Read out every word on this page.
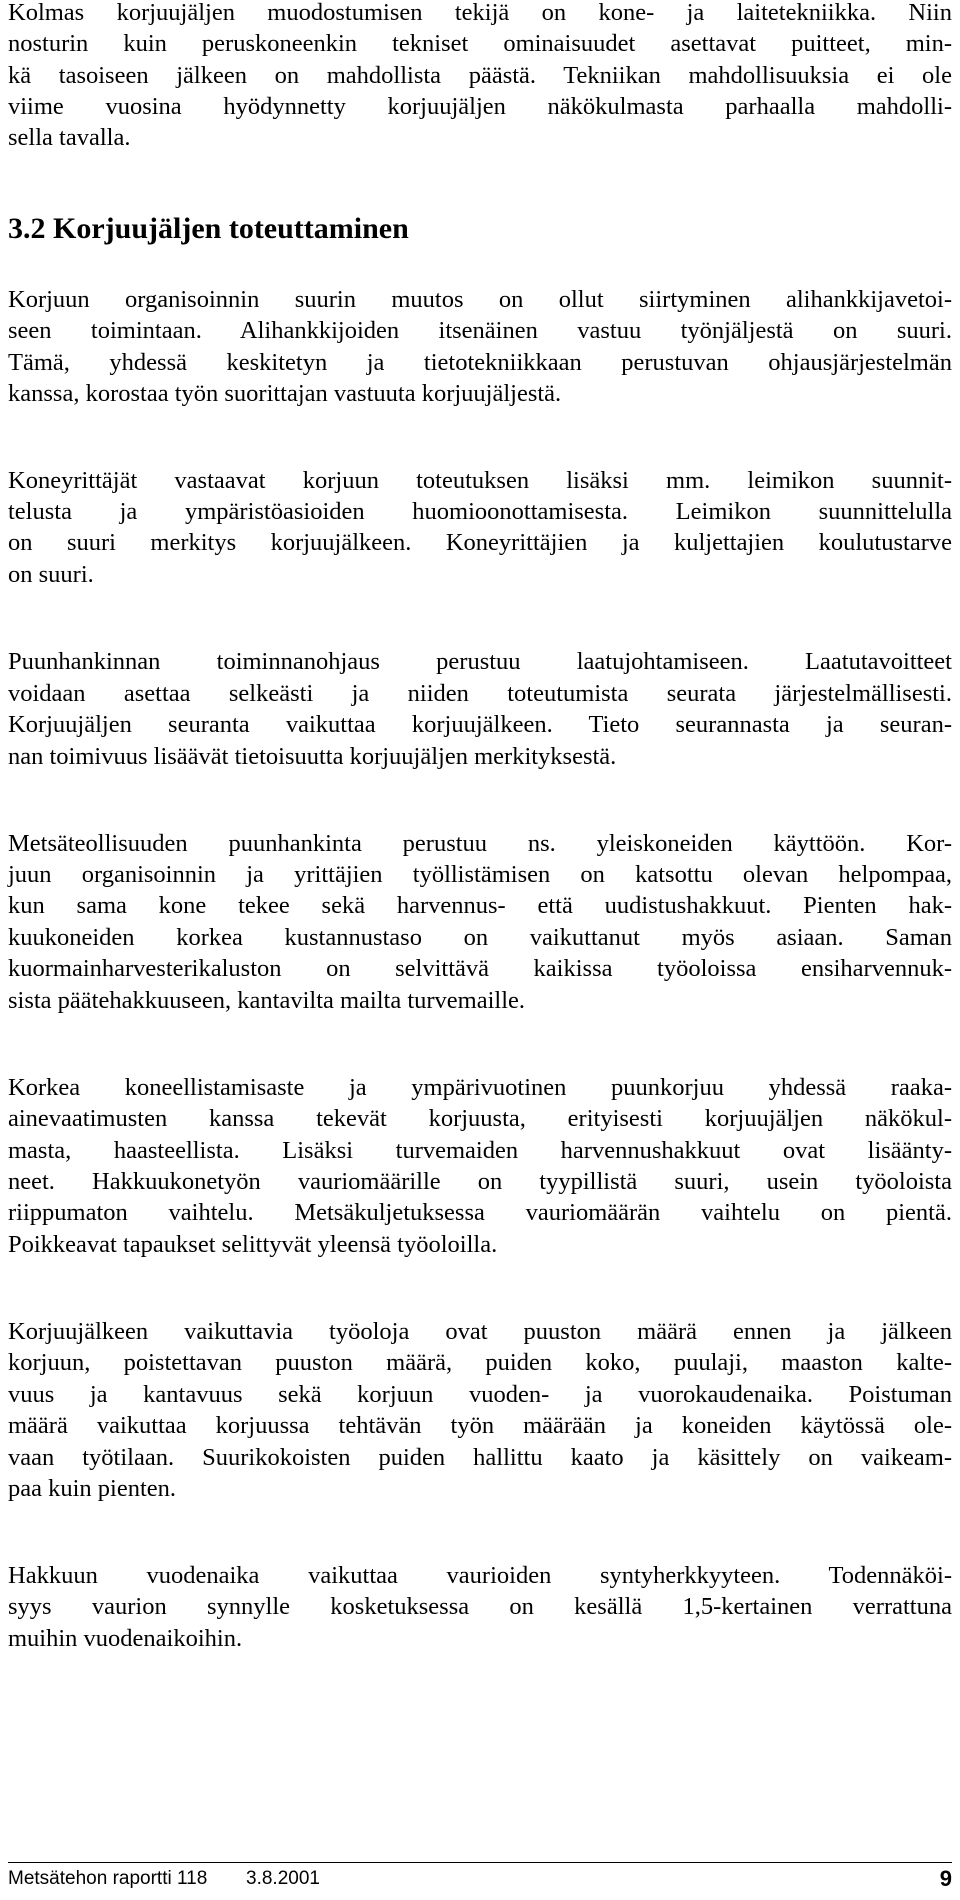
Kolmas korjuujäljen muodostumisen tekijä on kone- ja laitetekniikka. Niin
nosturin kuin peruskoneenkin tekniset ominaisuudet asettavat puitteet, min-
kä tasoiseen jälkeen on mahdollista päästä. Tekniikan mahdollisuuksia ei ole
viime vuosina hyödynnetty korjuujäljen näkökulmasta parhaalla mahdolli-
sella tavalla.
3.2 Korjuujäljen toteuttaminen
Korjuun organisoinnin suurin muutos on ollut siirtyminen alihankkijavetoi-
seen toimintaan. Alihankkijoiden itsenäinen vastuu työnjäljestä on suuri.
Tämä, yhdessä keskitetyn ja tietotekniikkaan perustuvan ohjausjärjestelmän
kanssa, korostaa työn suorittajan vastuuta korjuujäljestä.
Koneyrittäjät vastaavat korjuun toteutuksen lisäksi mm. leimikon suunnit-
telusta ja ympäristöasioiden huomioonottamisesta. Leimikon suunnittelulla
on suuri merkitys korjuujälkeen. Koneyrittäjien ja kuljettajien koulutustarve
on suuri.
Puunhankinnan toiminnanohjaus perustuu laatujohtamiseen. Laatutavoitteet
voidaan asettaa selkeästi ja niiden toteutumista seurata järjestelmällisesti.
Korjuujäljen seuranta vaikuttaa korjuujälkeen. Tieto seurannasta ja seuran-
nan toimivuus lisäävät tietoisuutta korjuujäljen merkityksestä.
Metsäteollisuuden puunhankinta perustuu ns. yleiskoneiden käyttöön. Kor-
juun organisoinnin ja yrittäjien työllistämisen on katsottu olevan helpompaa,
kun sama kone tekee sekä harvennus- että uudistushakkuut. Pienten hak-
kuukoneiden korkea kustannustaso on vaikuttanut myös asiaan. Saman
kuormainharvesterikaluston on selvittävä kaikissa työoloissa ensiharvennuk-
sista päätehakkuuseen, kantavilta mailta turvemaille.
Korkea koneellistamisaste ja ympärivuotinen puunkorjuu yhdessä raaka-
ainevaatimusten kanssa tekevät korjuusta, erityisesti korjuujäljen näkökul-
masta, haasteellista. Lisäksi turvemaiden harvennushakkuut ovat lisäänty-
neet. Hakkuukonetyön vauriomäärille on tyypillistä suuri, usein työoloista
riippumaton vaihtelu. Metsäkuljetuksessa vauriomäärän vaihtelu on pientä.
Poikkeavat tapaukset selittyvät yleensä työoloilla.
Korjuujälkeen vaikuttavia työoloja ovat puuston määrä ennen ja jälkeen
korjuun, poistettavan puuston määrä, puiden koko, puulaji, maaston kalte-
vuus ja kantavuus sekä korjuun vuoden- ja vuorokaudenaika. Poistuman
määrä vaikuttaa korjuussa tehtävän työn määrään ja koneiden käytössä ole-
vaan työtilaan. Suurikokoisten puiden hallittu kaato ja käsittely on vaikeam-
paa kuin pienten.
Hakkuun vuodenaika vaikuttaa vaurioiden syntyherkkyyteen. Todennäköi-
syys vaurion synnylle kosketuksessa on kesällä 1,5-kertainen verrattuna
muihin vuodenaikoihin.
Metsätehon raportti 118 3.8.2001	9
